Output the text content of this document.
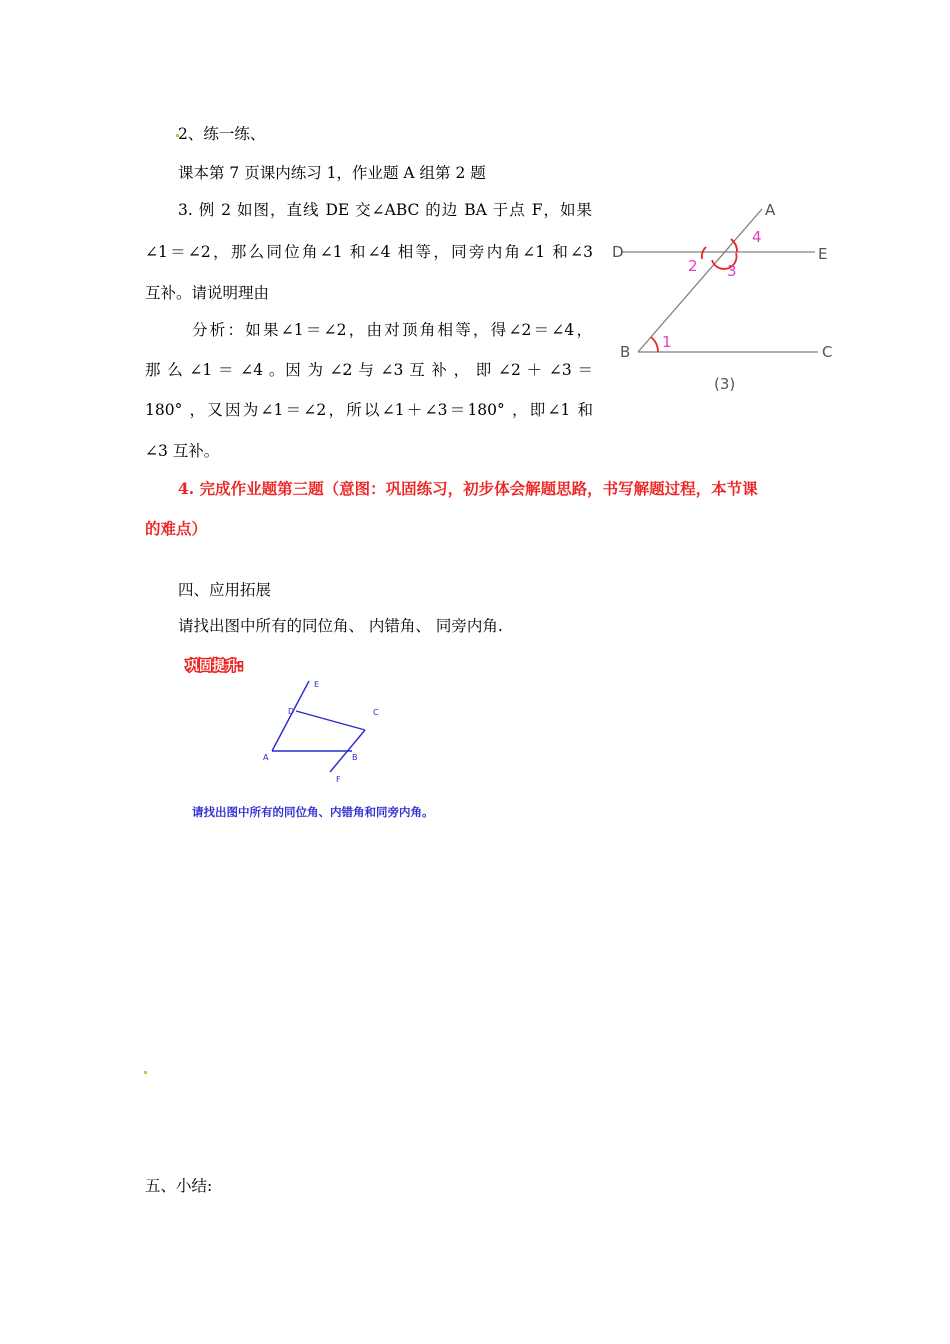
2、练一练、
课本第 7 页课内练习 1，作业题 A 组第 2 题
3. 例 2 如图，直线 DE 交∠ABC 的边 BA 于点 F，如果
∠1＝∠2，那么同位角∠1 和∠4 相等，同旁内角∠1 和∠3
互补。请说明理由
分析：如果∠1＝∠2，由对顶角相等，得∠2＝∠4，
那 么 ∠1 ＝ ∠4 。因 为 ∠2 与 ∠3 互 补 ， 即 ∠2 ＋ ∠3 ＝
180° ，又因为∠1＝∠2，所以∠1＋∠3＝180° ，即∠1 和
∠3 互补。
A
D	E
B	C
1
2 3
4
(3)
4. 完成作业题第三题（意图：巩固练习，初步体会解题思路，书写解题过程，本节课
的难点）
四、应用拓展
请找出图中所有的同位角、 内错角、 同旁内角.
巩固提升:
E
D	C
A	B
F
请找出图中所有的同位角、内错角和同旁内角。
五、小结:
